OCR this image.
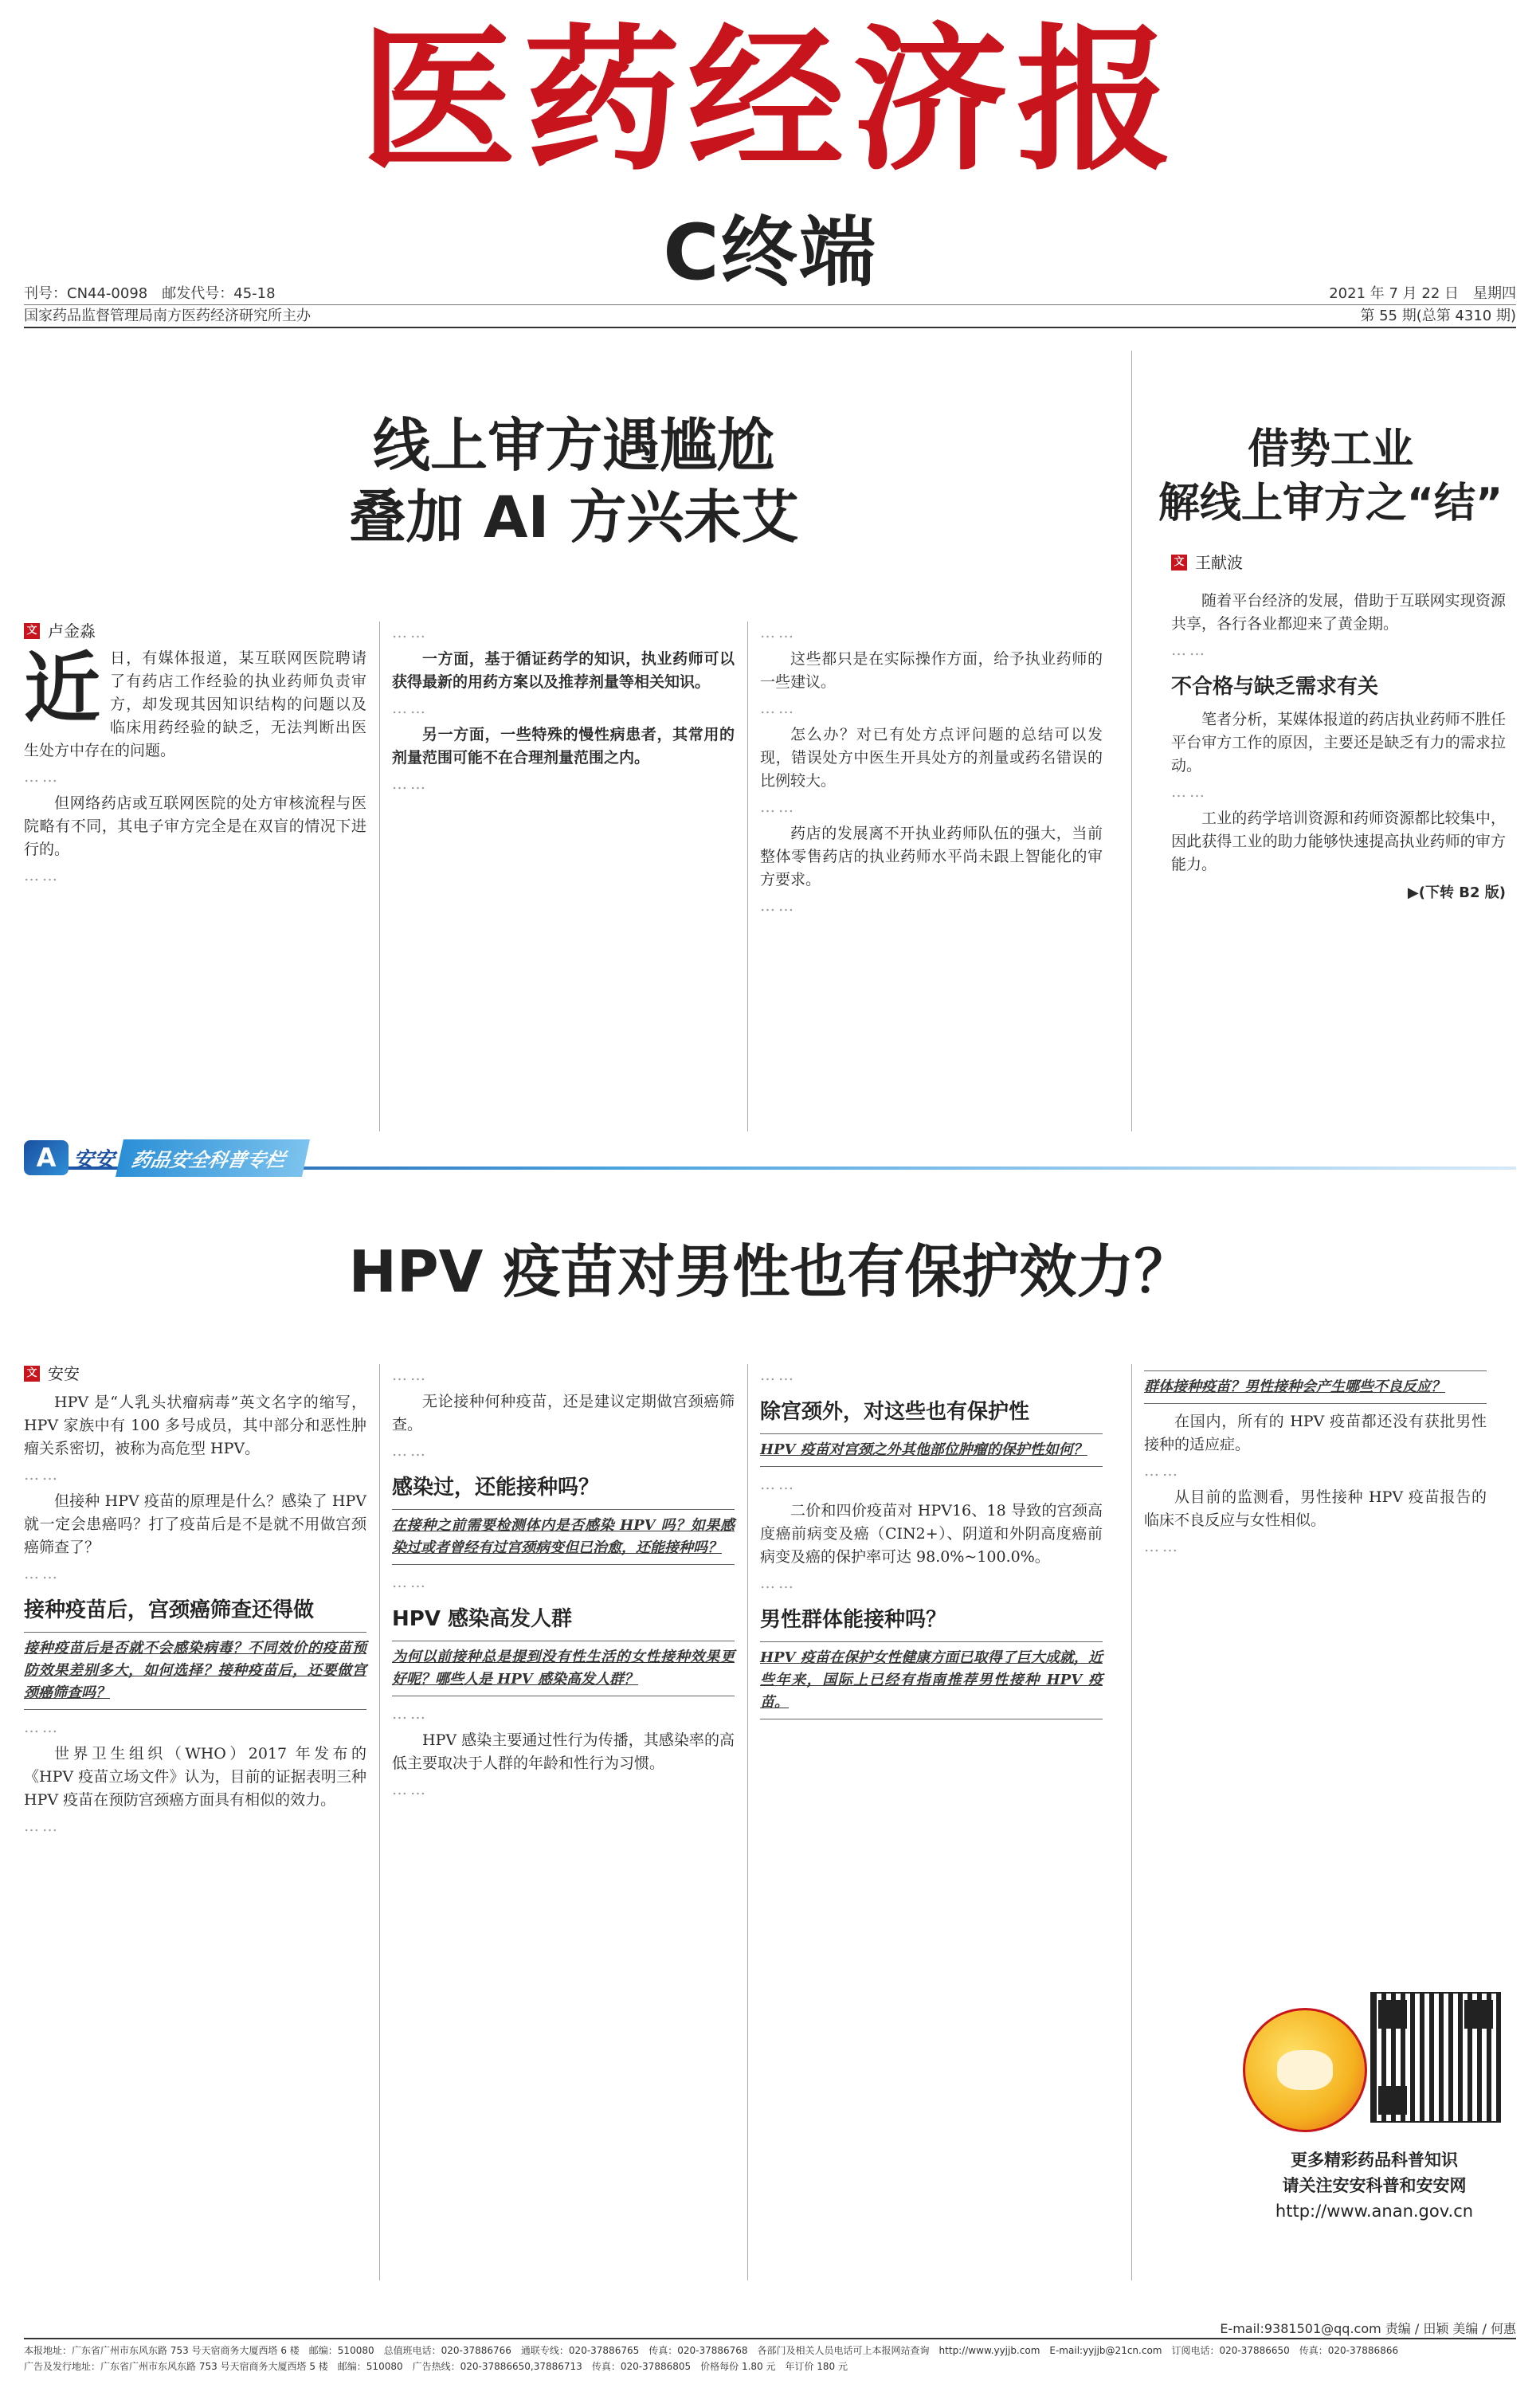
医药经济报
C终端
刊号：CN44-0098　邮发代号：45-18	2021 年 7 月 22 日　星期四
国家药品监督管理局南方医药经济研究所主办	第 55 期(总第 4310 期)
线上审方遇尴尬
叠加 AI 方兴未艾
文 卢金淼

近日，有媒体报道，某互联网医院聘请了有药店工作经验的执业药师负责审方，却发现其因知识结构的问题以及临床用药经验的缺乏，无法判断出医生处方中存在的问题。

……

但网络药店或互联网医院的处方审核流程与医院略有不同，其电子审方完全是在双盲的情况下进行的。

……

……

一方面，基于循证药学的知识，执业药师可以获得最新的用药方案以及推荐剂量等相关知识。

……

另一方面，一些特殊的慢性病患者，其常用的剂量范围可能不在合理剂量范围之内。

……

……

这些都只是在实际操作方面，给予执业药师的一些建议。

……

怎么办？对已有处方点评问题的总结可以发现，错误处方中医生开具处方的剂量或药名错误的比例较大。

……

药店的发展离不开执业药师队伍的强大，当前整体零售药店的执业药师水平尚未跟上智能化的审方要求。

……

借势工业
解线上审方之“结”
文 王献波

随着平台经济的发展，借助于互联网实现资源共享，各行各业都迎来了黄金期。

……

不合格与缺乏需求有关

笔者分析，某媒体报道的药店执业药师不胜任平台审方工作的原因，主要还是缺乏有力的需求拉动。

……

工业的药学培训资源和药师资源都比较集中，因此获得工业的助力能够快速提高执业药师的审方能力。

▶(下转 B2 版)
A 安安 药品安全科普专栏
HPV 疫苗对男性也有保护效力？
文 安安

HPV 是“人乳头状瘤病毒”英文名字的缩写，HPV 家族中有 100 多号成员，其中部分和恶性肿瘤关系密切，被称为高危型 HPV。

……

但接种 HPV 疫苗的原理是什么？感染了 HPV 就一定会患癌吗？打了疫苗后是不是就不用做宫颈癌筛查了？

……

接种疫苗后，宫颈癌筛查还得做
接种疫苗后是否就不会感染病毒？不同效价的疫苗预防效果差别多大，如何选择？接种疫苗后，还要做宫颈癌筛查吗？

……

世界卫生组织（WHO）2017 年发布的《HPV 疫苗立场文件》认为，目前的证据表明三种 HPV 疫苗在预防宫颈癌方面具有相似的效力。

……

……

无论接种何种疫苗，还是建议定期做宫颈癌筛查。

……

感染过，还能接种吗？
在接种之前需要检测体内是否感染 HPV 吗？如果感染过或者曾经有过宫颈病变但已治愈，还能接种吗？

……

HPV 感染高发人群
为何以前接种总是提到没有性生活的女性接种效果更好呢？哪些人是 HPV 感染高发人群？

……

HPV 感染主要通过性行为传播，其感染率的高低主要取决于人群的年龄和性行为习惯。

……

……

除宫颈外，对这些也有保护性
HPV 疫苗对宫颈之外其他部位肿瘤的保护性如何？

……

二价和四价疫苗对 HPV16、18 导致的宫颈高度癌前病变及癌（CIN2+）、阴道和外阴高度癌前病变及癌的保护率可达 98.0%~100.0%。

……

男性群体能接种吗？
HPV 疫苗在保护女性健康方面已取得了巨大成就，近些年来，国际上已经有指南推荐男性接种 HPV 疫苗。
群体接种疫苗？男性接种会产生哪些不良反应？

在国内，所有的 HPV 疫苗都还没有获批男性接种的适应症。

……

从目前的监测看，男性接种 HPV 疫苗报告的临床不良反应与女性相似。

……

更多精彩药品科普知识
请关注安安科普和安安网
http://www.anan.gov.cn
E-mail:9381501@qq.com 责编 / 田颖 美编 / 何惠
本报地址：广东省广州市东风东路 753 号天宿商务大厦西塔 6 楼　邮编：510080　总值班电话：020-37886766　通联专线：020-37886765　传真：020-37886768　各部门及相关人员电话可上本报网站查询　http://www.yyjjb.com　E-mail:yyjjb@21cn.com　订阅电话：020-37886650　传真：020-37886866
广告及发行地址：广东省广州市东风东路 753 号天宿商务大厦西塔 5 楼　邮编：510080　广告热线：020-37886650,37886713　传真：020-37886805　价格每份 1.80 元　年订价 180 元
